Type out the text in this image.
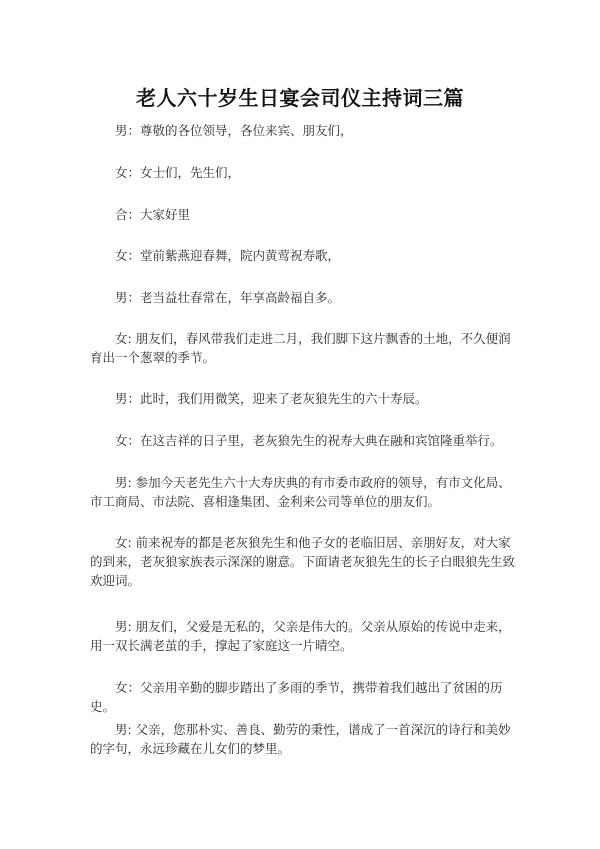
老人六十岁生日宴会司仪主持词三篇

男：尊敬的各位领导，各位来宾、朋友们，

女：女士们，先生们，

合：大家好里

女：堂前紫燕迎春舞，院内黄莺祝寿歌，

男：老当益壮春常在，年享高龄福自多。

女: 朋友们，春风带我们走进二月，我们脚下这片飘香的土地，不久便润育出一个葱翠的季节。

男：此时，我们用微笑，迎来了老灰狼先生的六十寿辰。

女：在这吉祥的日子里，老灰狼先生的祝寿大典在融和宾馆隆重举行。

男: 参加今天老先生六十大寿庆典的有市委市政府的领导，有市文化局、市工商局、市法院、喜相逢集团、金利来公司等单位的朋友们。

女: 前来祝寿的都是老灰狼先生和他子女的老临旧居、亲朋好友，对大家的到来，老灰狼家族表示深深的谢意。下面请老灰狼先生的长子白眼狼先生致欢迎词。

男: 朋友们，父爱是无私的，父亲是伟大的。父亲从原始的传说中走来，用一双长满老茧的手，撑起了家庭这一片晴空。

女：父亲用辛勤的脚步踏出了多雨的季节，携带着我们越出了贫困的历史。

男: 父亲，您那朴实、善良、勤劳的秉性，谱成了一首深沉的诗行和美妙的字句，永远珍藏在儿女们的梦里。
